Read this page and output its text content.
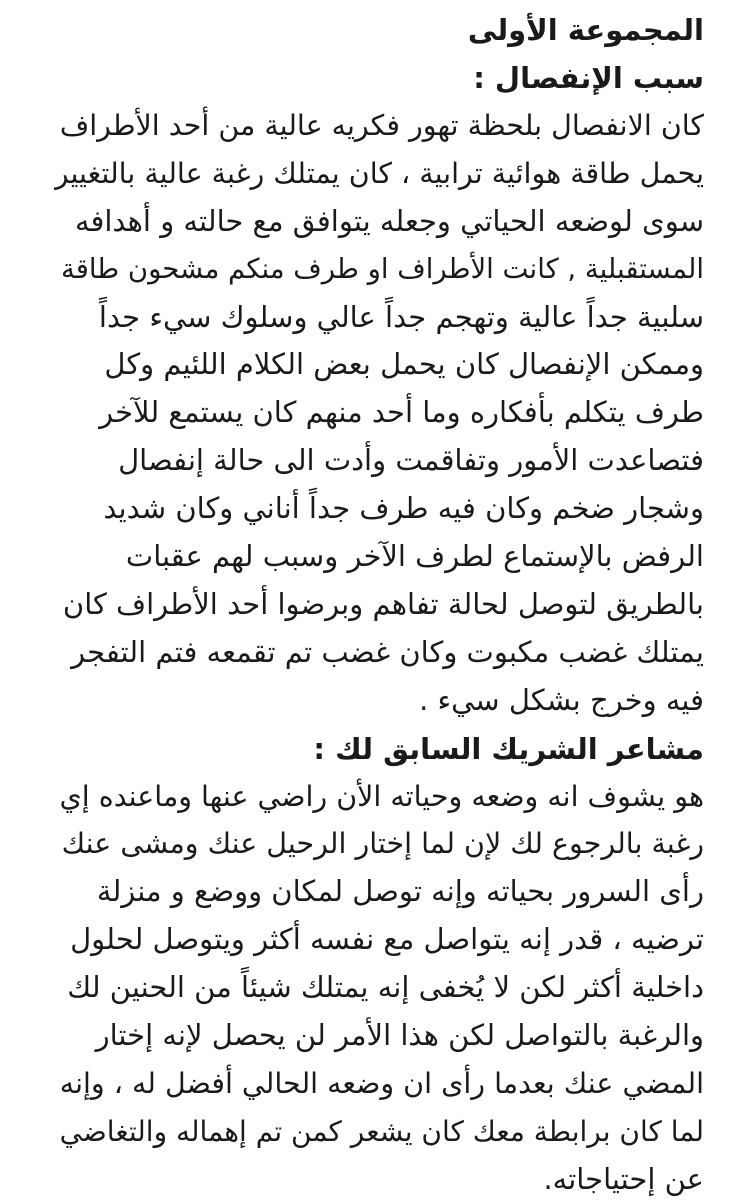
المجموعة الأولى
سبب الإنفصال :
كان الانفصال بلحظة تهور فكريه عالية من أحد الأطراف
يحمل طاقة هوائية ترابية ، كان يمتلك رغبة عالية بالتغيير
سوى لوضعه الحياتي وجعله يتوافق مع حالته و أهدافه
المستقبلية , كانت الأطراف او طرف منكم مشحون طاقة
سلبية جداً عالية وتهجم جداً عالي وسلوك سيء جداً
وممكن الإنفصال كان يحمل بعض الكلام اللئيم وكل
طرف يتكلم بأفكاره وما أحد منهم كان يستمع للآخر
فتصاعدت الأمور وتفاقمت وأدت الى حالة إنفصال
وشجار ضخم وكان فيه طرف جداً أناني وكان شديد
الرفض بالإستماع لطرف الآخر وسبب لهم عقبات
بالطريق لتوصل لحالة تفاهم وبرضوا أحد الأطراف كان
يمتلك غضب مكبوت وكان غضب تم تقمعه فتم التفجر
فيه وخرج بشكل سيء .
مشاعر الشريك السابق لك :
هو يشوف انه وضعه وحياته الأن راضي عنها وماعنده إي
رغبة بالرجوع لك لإن لما إختار الرحيل عنك ومشى عنك
رأى السرور بحياته وإنه توصل لمكان ووضع و منزلة
ترضيه ، قدر إنه يتواصل مع نفسه أكثر ويتوصل لحلول
داخلية أكثر لكن لا يُخفى إنه يمتلك شيئاً من الحنين لك
والرغبة بالتواصل لكن هذا الأمر لن يحصل لإنه إختار
المضي عنك بعدما رأى ان وضعه الحالي أفضل له ، وإنه
لما كان برابطة معك كان يشعر كمن تم إهماله والتغاضي
عن إحتياجاته.
